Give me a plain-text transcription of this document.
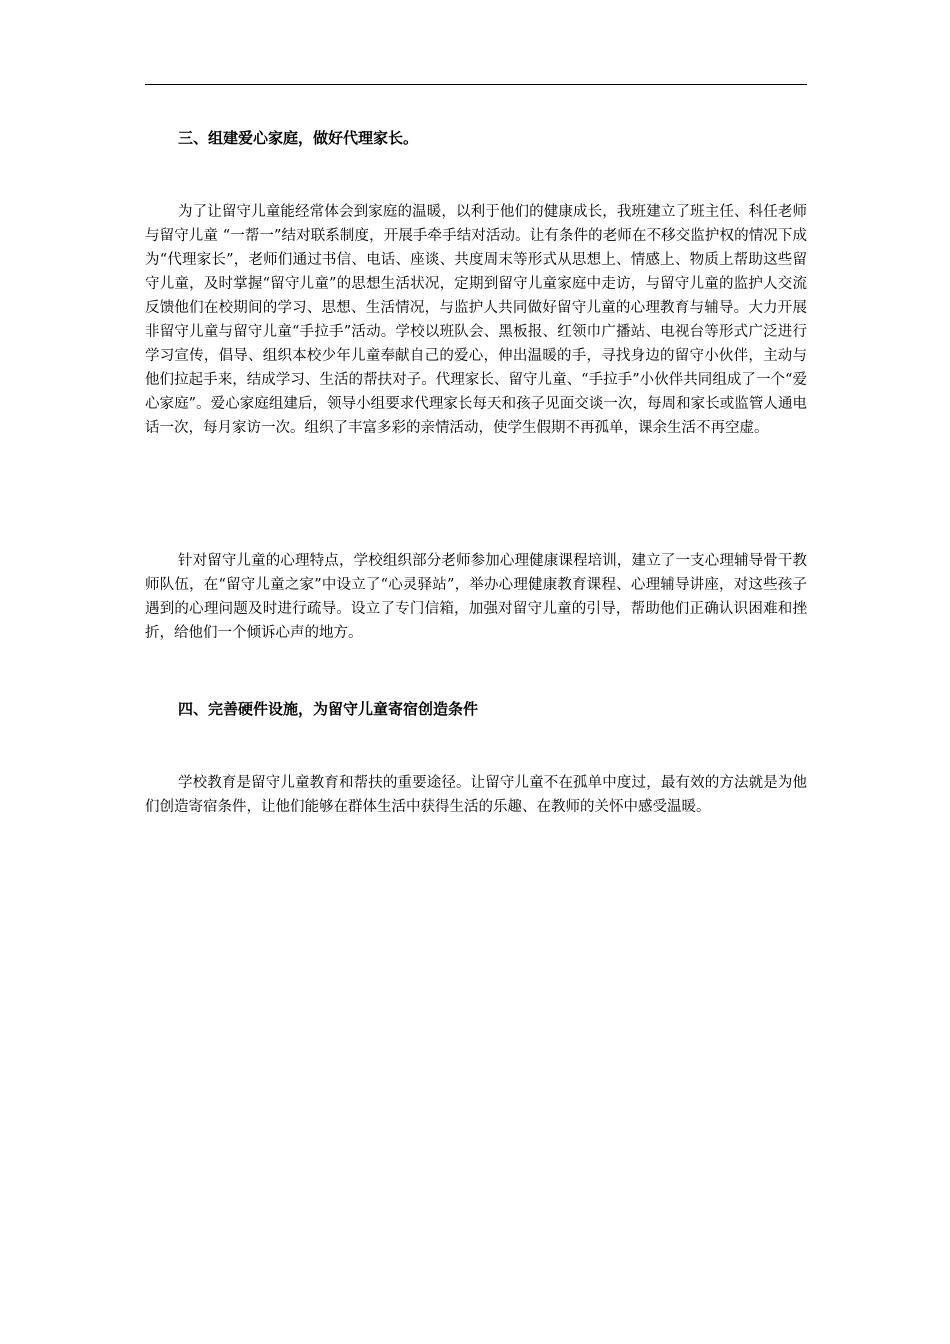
三、组建爱心家庭，做好代理家长。

为了让留守儿童能经常体会到家庭的温暖，以利于他们的健康成长，我班建立了班主任、科任老师与留守儿童 “一帮一”结对联系制度，开展手牵手结对活动。让有条件的老师在不移交监护权的情况下成为“代理家长”，老师们通过书信、电话、座谈、共度周末等形式从思想上、情感上、物质上帮助这些留守儿童，及时掌握“留守儿童”的思想生活状况，定期到留守儿童家庭中走访，与留守儿童的监护人交流反馈他们在校期间的学习、思想、生活情况，与监护人共同做好留守儿童的心理教育与辅导。大力开展非留守儿童与留守儿童“手拉手”活动。学校以班队会、黑板报、红领巾广播站、电视台等形式广泛进行学习宣传，倡导、组织本校少年儿童奉献自己的爱心，伸出温暖的手，寻找身边的留守小伙伴，主动与他们拉起手来，结成学习、生活的帮扶对子。代理家长、留守儿童、“手拉手”小伙伴共同组成了一个“爱心家庭”。爱心家庭组建后，领导小组要求代理家长每天和孩子见面交谈一次，每周和家长或监管人通电话一次，每月家访一次。组织了丰富多彩的亲情活动，使学生假期不再孤单，课余生活不再空虚。

针对留守儿童的心理特点，学校组织部分老师参加心理健康课程培训，建立了一支心理辅导骨干教师队伍，在“留守儿童之家”中设立了“心灵驿站”，举办心理健康教育课程、心理辅导讲座，对这些孩子遇到的心理问题及时进行疏导。设立了专门信箱，加强对留守儿童的引导，帮助他们正确认识困难和挫折，给他们一个倾诉心声的地方。

四、完善硬件设施，为留守儿童寄宿创造条件

学校教育是留守儿童教育和帮扶的重要途径。让留守儿童不在孤单中度过，最有效的方法就是为他们创造寄宿条件，让他们能够在群体生活中获得生活的乐趣、在教师的关怀中感受温暖。
